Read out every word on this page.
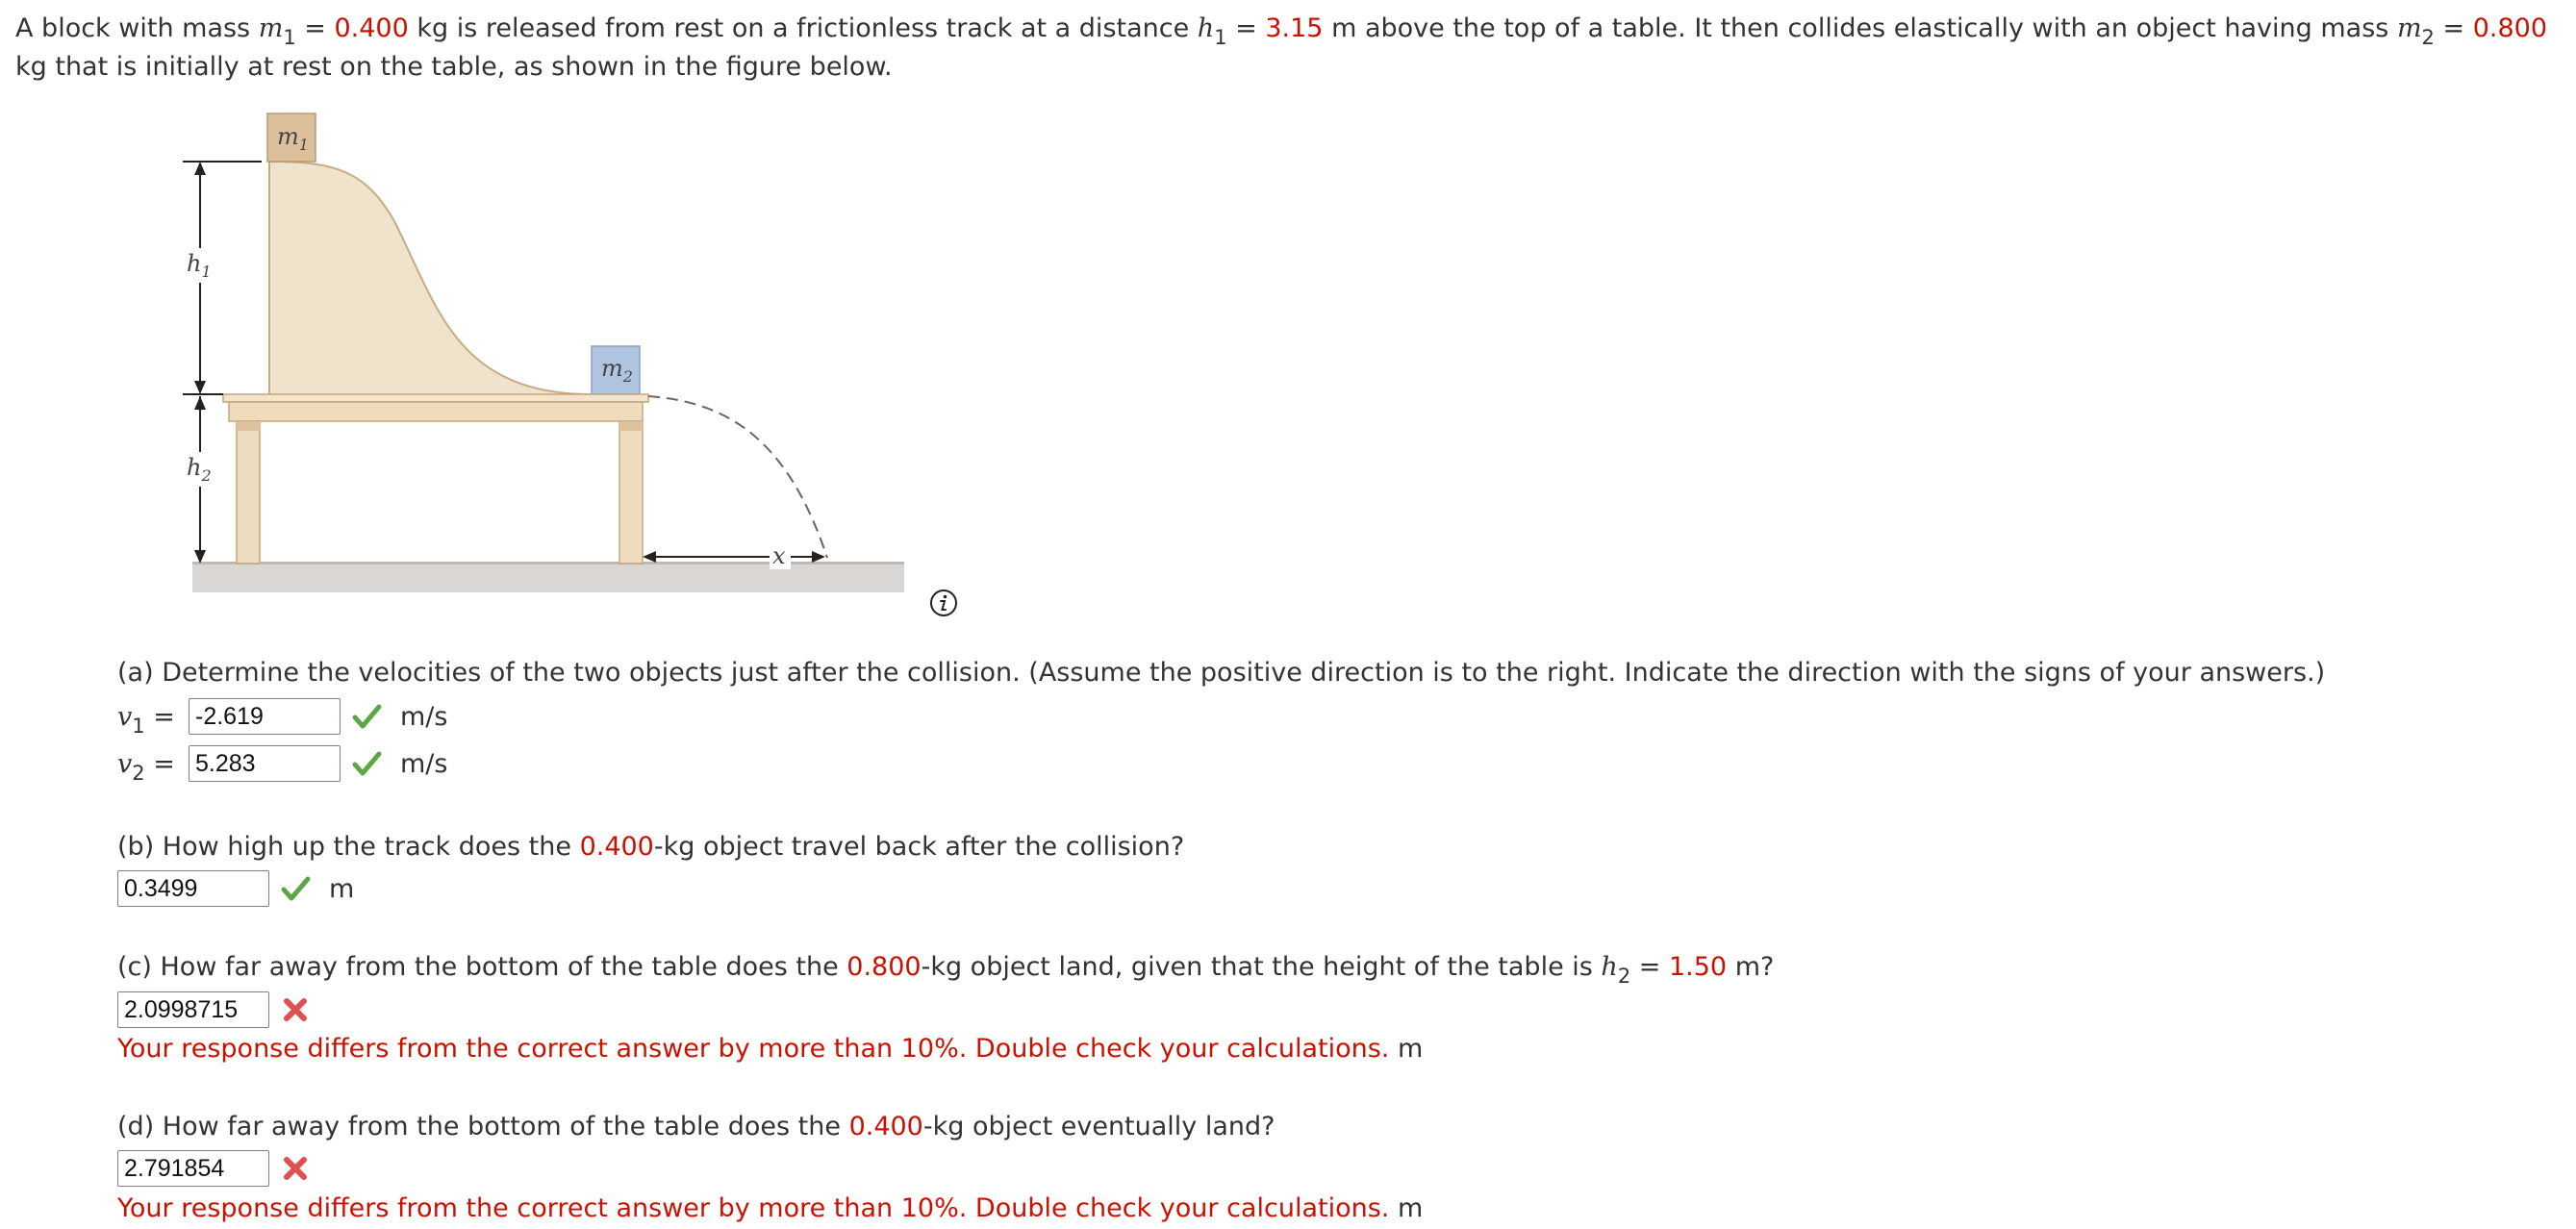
A block with mass $m_1 = 0.400$ kg is released from rest on a frictionless track at a distance $h_1 = 3.15$ m above the top of a table. It then collides elastically with an object having mass $m_2 = 0.800$ kg that is initially at rest on the table, as shown in the figure below.
$m_1$
$m_2$
$h_1$
$h_2$
x
(a) Determine the velocities of the two objects just after the collision. (Assume the positive direction is to the right. Indicate the direction with the signs of your answers.)
$v_1 = -2.619$	m/s
$v_2 = 5.283$	m/s
(b) How high up the track does the 0.400-kg object travel back after the collision?
0.3499	m
(c) How far away from the bottom of the table does the 0.800-kg object land, given that the height of the table is $h_2 = 1.50$ m?
2.0998715
Your response differs from the correct answer by more than 10%. Double check your calculations. m
(d) How far away from the bottom of the table does the 0.400-kg object eventually land?
2.791854
Your response differs from the correct answer by more than 10%. Double check your calculations. m
